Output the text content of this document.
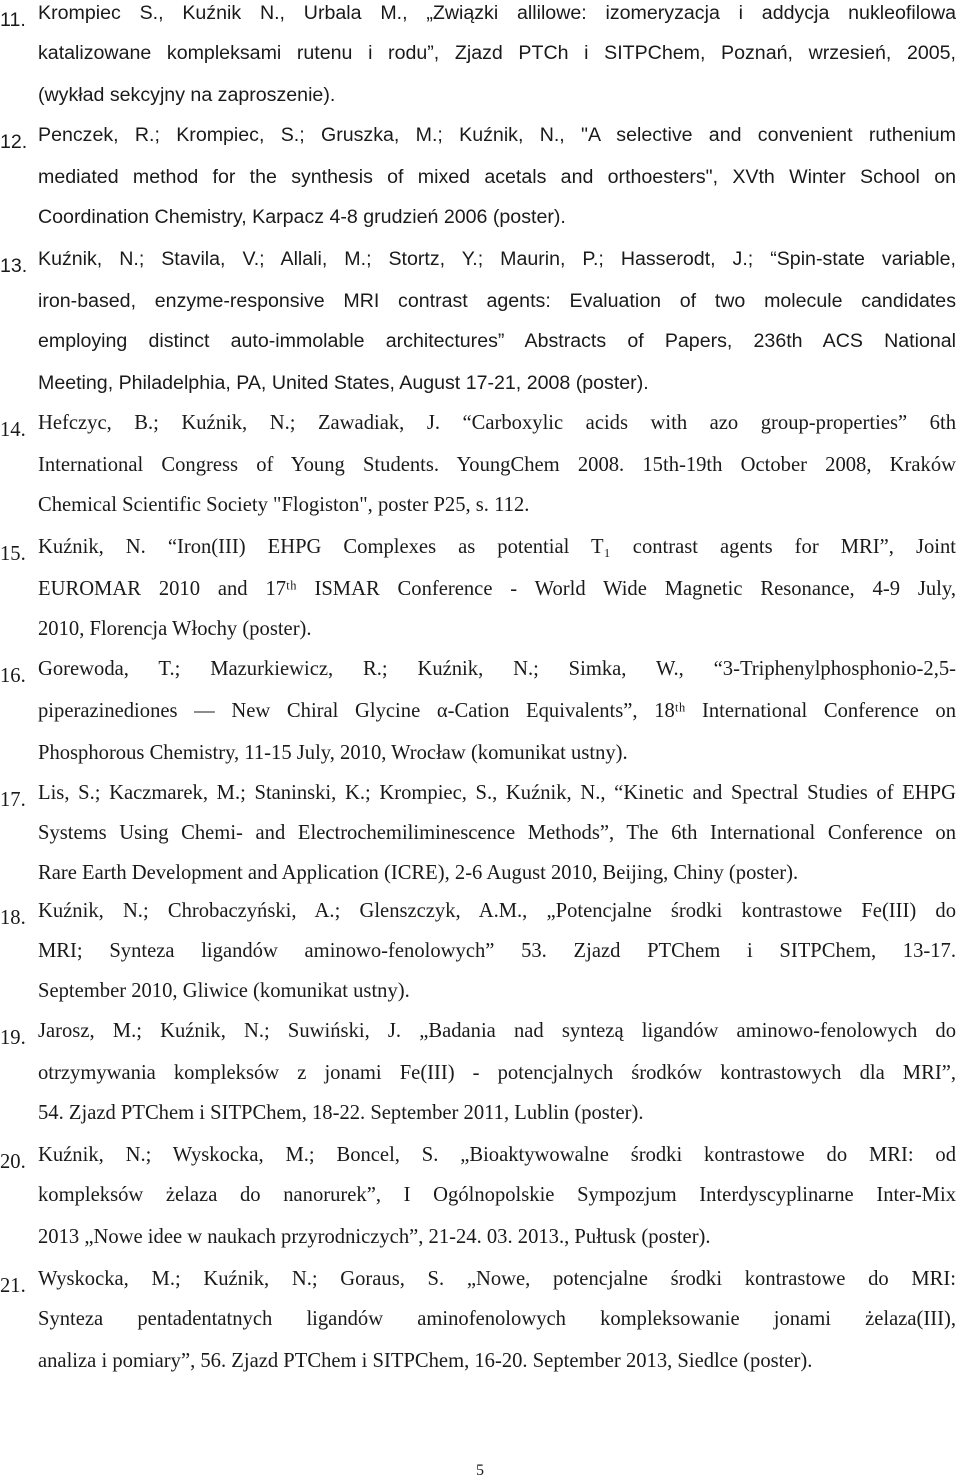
11. Krompiec S., Kuźnik N., Urbala M., „Związki allilowe: izomeryzacja i addycja nukleofilowa
katalizowane kompleksami rutenu i rodu”, Zjazd PTCh i SITPChem, Poznań, wrzesień, 2005,
(wykład sekcyjny na zaproszenie).
12. Penczek, R.; Krompiec, S.; Gruszka, M.; Kuźnik, N., "A selective and convenient ruthenium
mediated method for the synthesis of mixed acetals and orthoesters", XVth Winter School on
Coordination Chemistry, Karpacz 4-8 grudzień 2006 (poster).
13. Kuźnik, N.; Stavila, V.; Allali, M.; Stortz, Y.; Maurin, P.; Hasserodt, J.; “Spin-state variable,
iron-based, enzyme-responsive MRI contrast agents: Evaluation of two molecule candidates
employing distinct auto-immolable architectures” Abstracts of Papers, 236th ACS National
Meeting, Philadelphia, PA, United States, August 17-21, 2008 (poster).
14. Hefczyc, B.; Kuźnik, N.; Zawadiak, J. “Carboxylic acids with azo group-properties” 6th
International Congress of Young Students. YoungChem 2008. 15th-19th October 2008, Kraków
Chemical Scientific Society "Flogiston", poster P25, s. 112.
15. Kuźnik, N. “Iron(III) EHPG Complexes as potential T₁ contrast agents for MRI”, Joint
EUROMAR 2010 and 17ᵗʰ ISMAR Conference - World Wide Magnetic Resonance, 4-9 July,
2010, Florencja Włochy (poster).
16. Gorewoda, T.; Mazurkiewicz, R.; Kuźnik, N.; Simka, W., “3-Triphenylphosphonio-2,5-
piperazinediones — New Chiral Glycine α-Cation Equivalents”, 18ᵗʰ International Conference on
Phosphorous Chemistry, 11-15 July, 2010, Wrocław (komunikat ustny).
17. Lis, S.; Kaczmarek, M.; Staninski, K.; Krompiec, S., Kuźnik, N., “Kinetic and Spectral Studies of EHPG
Systems Using Chemi- and Electrochemiliminescence Methods”, The 6th International Conference on
Rare Earth Development and Application (ICRE), 2-6 August 2010, Beijing, Chiny (poster).
18. Kuźnik, N.; Chrobaczyński, A.; Glenszczyk, A.M., „Potencjalne środki kontrastowe Fe(III) do
MRI; Synteza ligandów aminowo-fenolowych” 53. Zjazd PTChem i SITPChem, 13-17.
September 2010, Gliwice (komunikat ustny).
19. Jarosz, M.; Kuźnik, N.; Suwiński, J. „Badania nad syntezą ligandów aminowo-fenolowych do
otrzymywania kompleksów z jonami Fe(III) - potencjalnych środków kontrastowych dla MRI”,
54. Zjazd PTChem i SITPChem, 18-22. September 2011, Lublin (poster).
20. Kuźnik, N.; Wyskocka, M.; Boncel, S. „Bioaktywowalne środki kontrastowe do MRI: od
kompleksów żelaza do nanorurek”, I Ogólnopolskie Sympozjum Interdyscyplinarne Inter-Mix
2013 „Nowe idee w naukach przyrodniczych”, 21-24. 03. 2013., Pułtusk (poster).
21. Wyskocka, M.; Kuźnik, N.; Goraus, S. „Nowe, potencjalne środki kontrastowe do MRI:
Synteza pentadentatnych ligandów aminofenolowych kompleksowanie jonami żelaza(III),
analiza i pomiary”, 56. Zjazd PTChem i SITPChem, 16-20. September 2013, Siedlce (poster).
5
